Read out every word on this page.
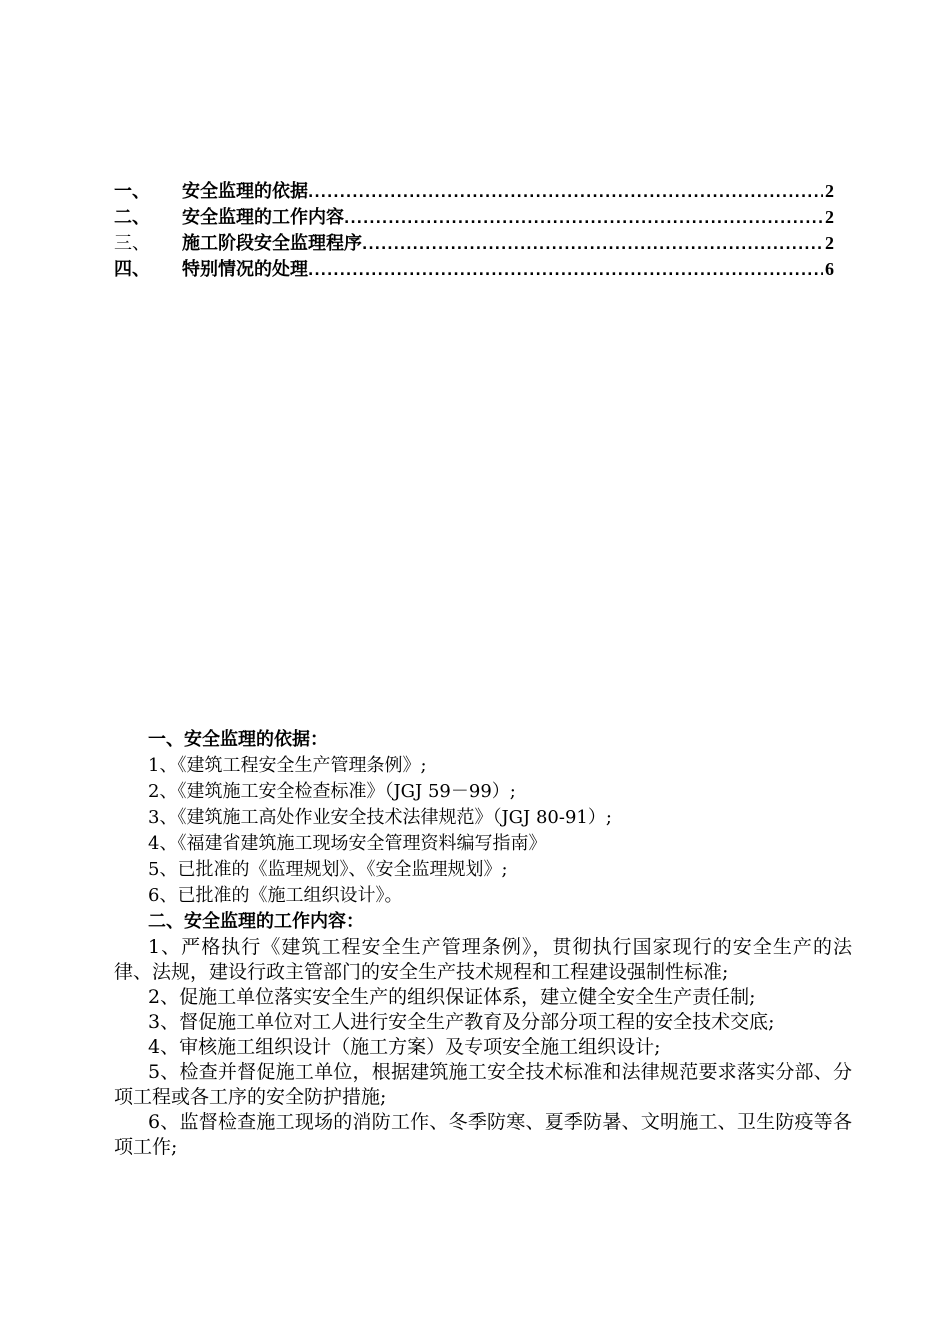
一、	安全监理的依据 .....	2
二、	安全监理的工作内容 .....	2
三、	施工阶段安全监理程序 .....	2
四、	特别情况的处理 .....	6
一、安全监理的依据：
1、《建筑工程安全生产管理条例》;
2、《建筑施工安全检查标准》（JGJ 59－99）;
3、《建筑施工高处作业安全技术法律规范》（JGJ 80-91）;
4、《福建省建筑施工现场安全管理资料编写指南》
5、已批准的《监理规划》、《安全监理规划》;
6、已批准的《施工组织设计》。
二、安全监理的工作内容：

1、严格执行《建筑工程安全生产管理条例》，贯彻执行国家现行的安全生产的法律、法规，建设行政主管部门的安全生产技术规程和工程建设强制性标准;

2、促施工单位落实安全生产的组织保证体系，建立健全安全生产责任制;

3、督促施工单位对工人进行安全生产教育及分部分项工程的安全技术交底;

4、审核施工组织设计（施工方案）及专项安全施工组织设计;

5、检查并督促施工单位，根据建筑施工安全技术标准和法律规范要求落实分部、分项工程或各工序的安全防护措施;

6、监督检查施工现场的消防工作、冬季防寒、夏季防暑、文明施工、卫生防疫等各项工作;
